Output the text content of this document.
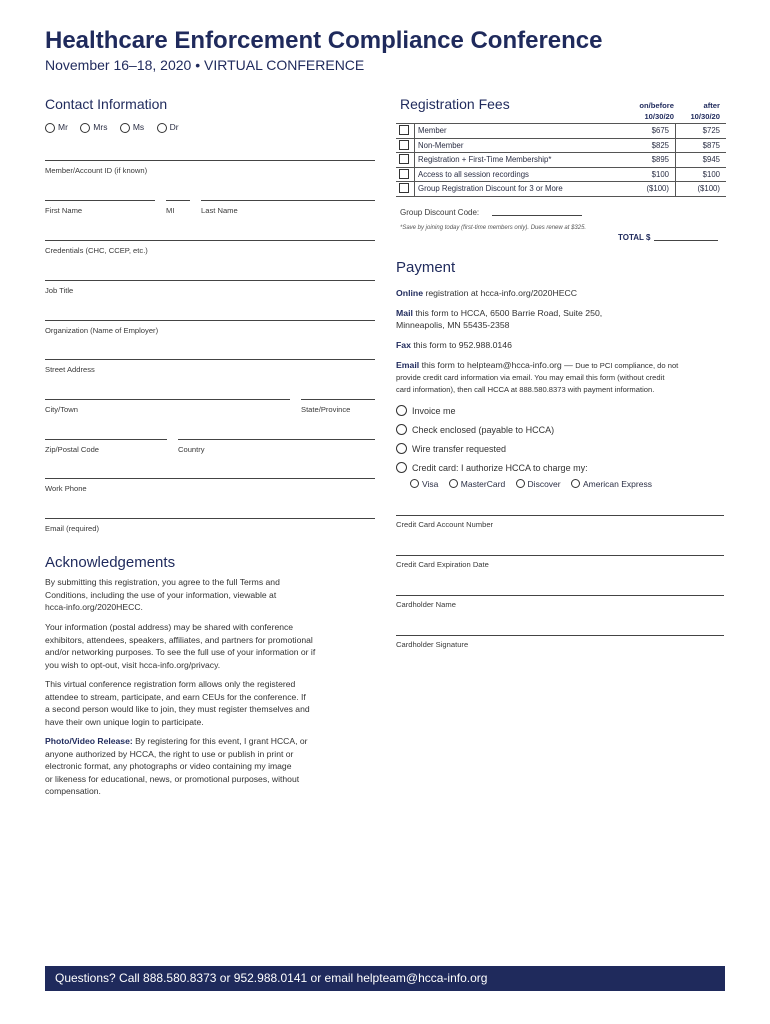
Healthcare Enforcement Compliance Conference
November 16–18, 2020 • VIRTUAL CONFERENCE
Contact Information
Mr	Mrs	Ms	Dr
Member/Account ID (if known)
First Name	MI	Last Name
Credentials (CHC, CCEP, etc.)
Job Title
Organization (Name of Employer)
Street Address
City/Town	State/Province
Zip/Postal Code	Country
Work Phone
Email (required)
Acknowledgements
By submitting this registration, you agree to the full Terms and
Conditions, including the use of your information, viewable at
hcca-info.org/2020HECC.
Your information (postal address) may be shared with conference
exhibitors, attendees, speakers, affiliates, and partners for promotional
and/or networking purposes. To see the full use of your information or if
you wish to opt-out, visit hcca-info.org/privacy.
This virtual conference registration form allows only the registered
attendee to stream, participate, and earn CEUs for the conference. If
a second person would like to join, they must register themselves and
have their own unique login to participate.
Photo/Video Release: By registering for this event, I grant HCCA, or
anyone authorized by HCCA, the right to use or publish in print or
electronic format, any photographs or video containing my image
or likeness for educational, news, or promotional purposes, without
compensation.
Registration Fees	on/before
10/30/20
after
10/30/20
Member	$675	$725
Non-Member	$825	$875
Registration + First-Time Membership*	$895	$945
Access to all session recordings	$100	$100
Group Registration Discount for 3 or More	($100)	($100)
Group Discount Code:
*Save by joining today (first-time members only). Dues renew at $325.
TOTAL $
Payment
Online registration at hcca-info.org/2020HECC
Mail this form to HCCA, 6500 Barrie Road, Suite 250,
Minneapolis, MN 55435-2358
Fax this form to 952.988.0146
Email this form to helpteam@hcca-info.org — Due to PCI compliance, do not
provide credit card information via email. You may email this form (without credit
card information), then call HCCA at 888.580.8373 with payment information.
Invoice me
Check enclosed (payable to HCCA)
Wire transfer requested
Credit card: I authorize HCCA to charge my:
Visa	MasterCard	Discover	American Express
Credit Card Account Number
Credit Card Expiration Date
Cardholder Name
Cardholder Signature
Questions? Call 888.580.8373 or 952.988.0141 or email helpteam@hcca-info.org
